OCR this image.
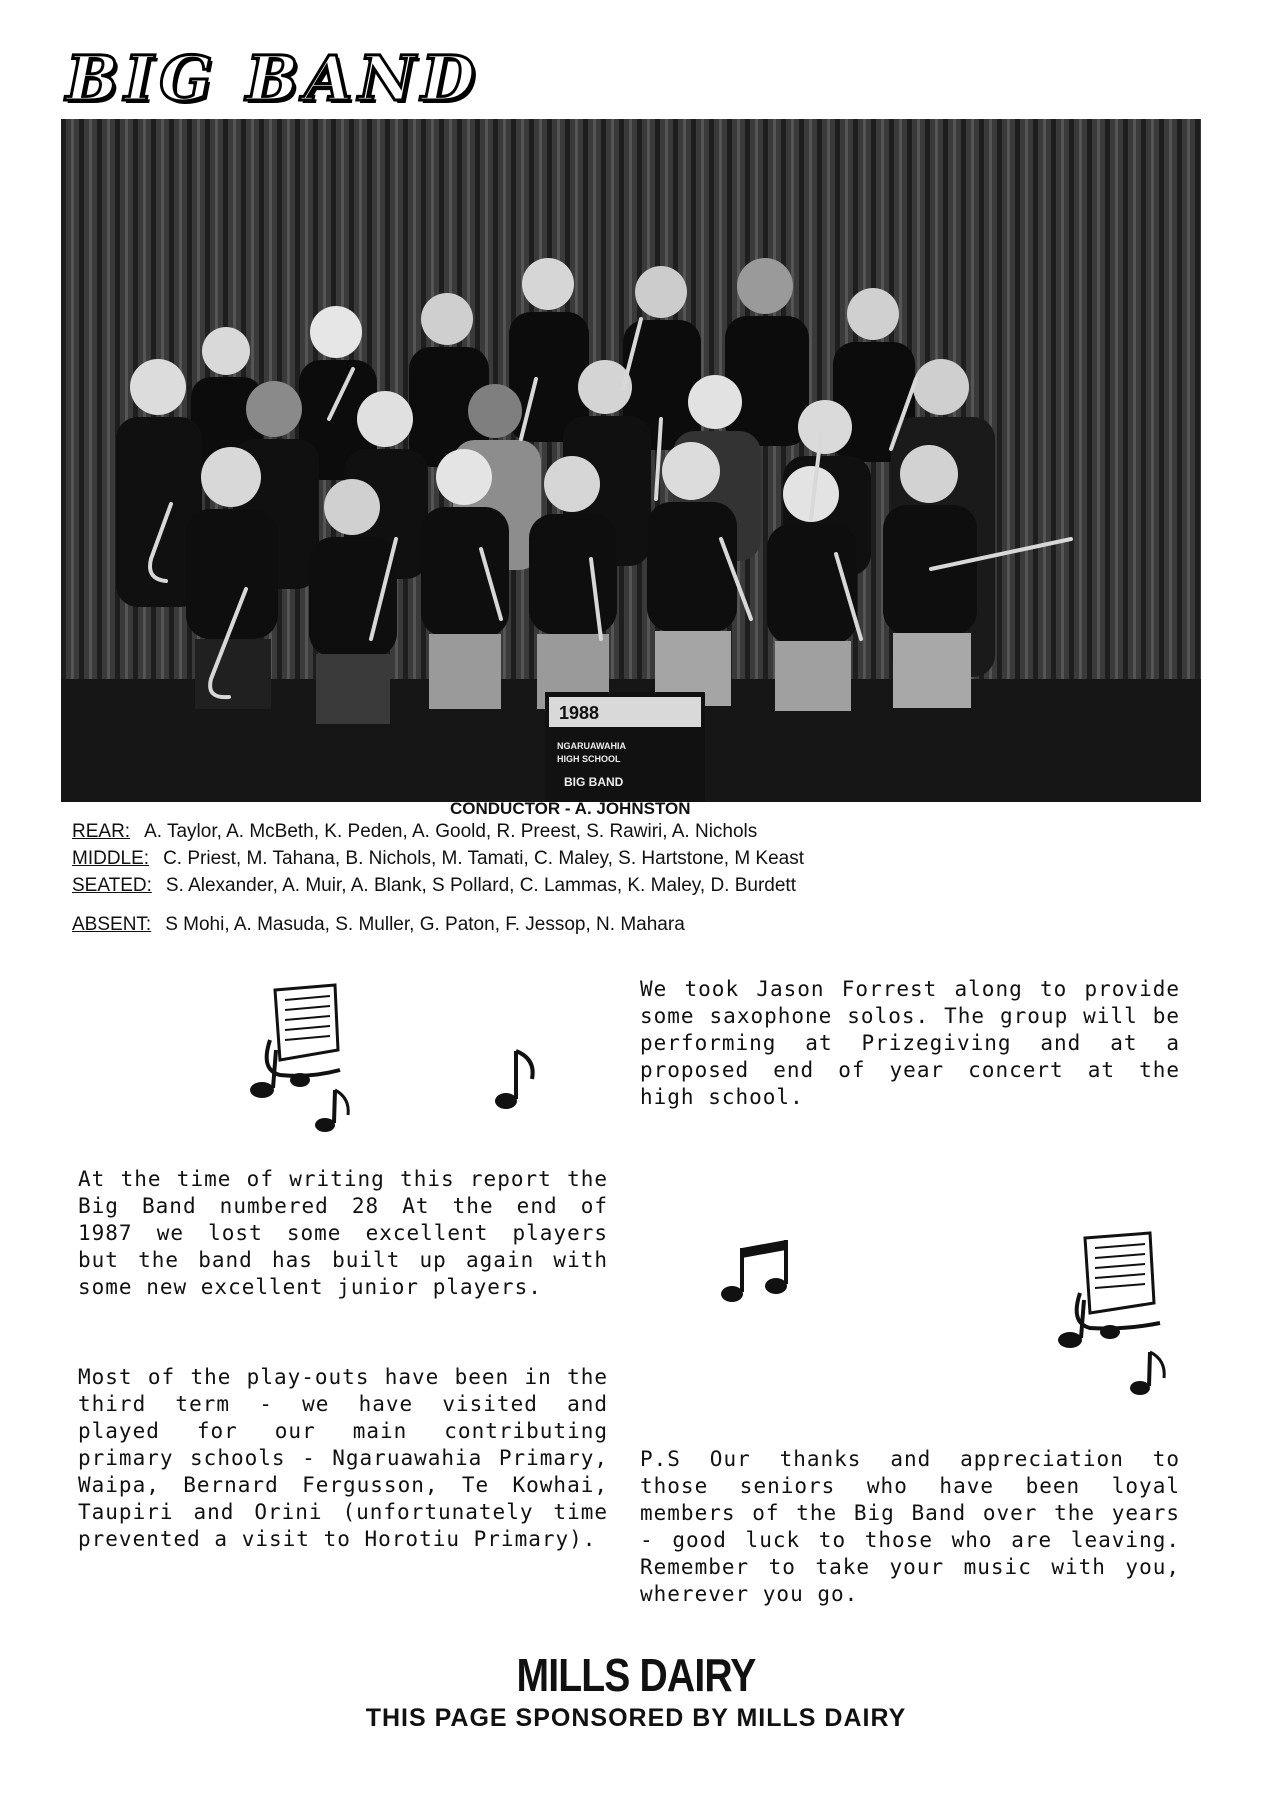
BIG BAND
1988
NGARUAWAHIA
HIGH SCHOOL
BIG BAND
CONDUCTOR - A. JOHNSTON
REAR: A. Taylor, A. McBeth, K. Peden, A. Goold, R. Preest, S. Rawiri, A. Nichols
MIDDLE: C. Priest, M. Tahana, B. Nichols, M. Tamati, C. Maley, S. Hartstone, M Keast
SEATED: S. Alexander, A. Muir, A. Blank, S Pollard, C. Lammas, K. Maley, D. Burdett
ABSENT: S Mohi, A. Masuda, S. Muller, G. Paton, F. Jessop, N. Mahara

At the time of writing this report the Big Band numbered 28 At the end of 1987 we lost some excellent players but the band has built up again with some new excellent junior players.

Most of the play-outs have been in the third term - we have visited and played for our main contributing primary schools - Ngaruawahia Primary, Waipa, Bernard Fergusson, Te Kowhai, Taupiri and Orini (unfortunately time prevented a visit to Horotiu Primary).

We took Jason Forrest along to provide some saxophone solos. The group will be performing at Prizegiving and at a proposed end of year concert at the high school.

P.S Our thanks and appreciation to those seniors who have been loyal members of the Big Band over the years - good luck to those who are leaving. Remember to take your music with you, wherever you go.

MILLS DAIRY
THIS PAGE SPONSORED BY MILLS DAIRY
